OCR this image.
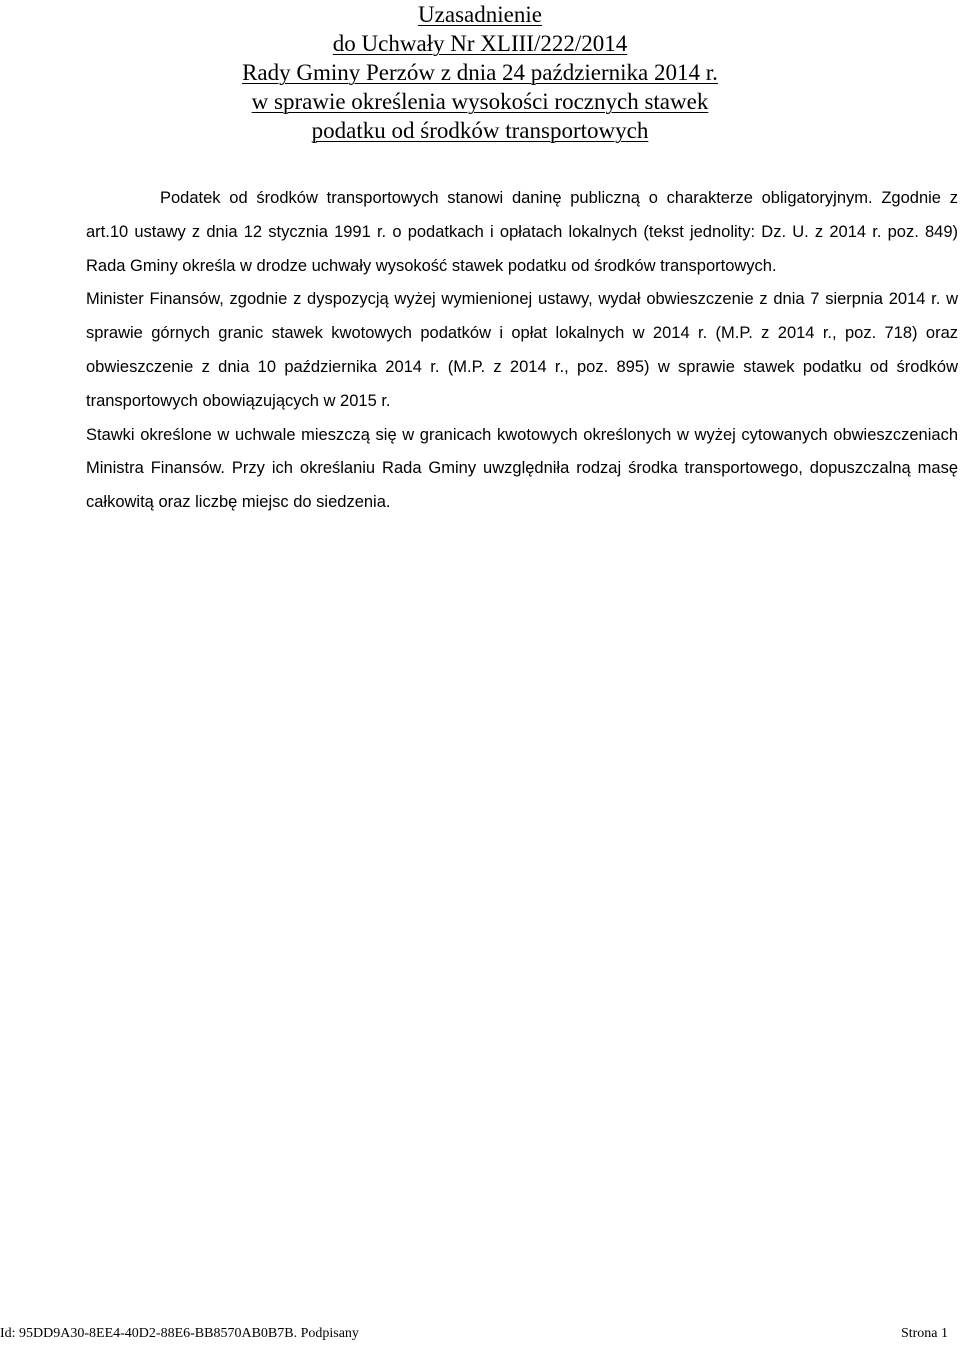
Uzasadnienie
do Uchwały Nr XLIII/222/2014
Rady Gminy Perzów z dnia 24 października 2014 r.
w sprawie określenia wysokości rocznych stawek
podatku od środków transportowych

Podatek od środków transportowych stanowi daninę publiczną o charakterze obligatoryjnym. Zgodnie z art.10 ustawy z dnia 12 stycznia 1991 r. o podatkach i opłatach lokalnych (tekst jednolity: Dz. U. z 2014 r. poz. 849) Rada Gminy określa w drodze uchwały wysokość stawek podatku od środków transportowych.

Minister Finansów, zgodnie z dyspozycją wyżej wymienionej ustawy, wydał obwieszczenie z dnia 7 sierpnia 2014 r. w sprawie górnych granic stawek kwotowych podatków i opłat lokalnych w 2014 r. (M.P. z 2014 r., poz. 718) oraz obwieszczenie z dnia 10 października 2014 r. (M.P. z 2014 r., poz. 895) w sprawie stawek podatku od środków transportowych obowiązujących w 2015 r.

Stawki określone w uchwale mieszczą się w granicach kwotowych określonych w wyżej cytowanych obwieszczeniach Ministra Finansów. Przy ich określaniu Rada Gminy uwzględniła rodzaj środka transportowego, dopuszczalną masę całkowitą oraz liczbę miejsc do siedzenia.

Id: 95DD9A30-8EE4-40D2-88E6-BB8570AB0B7B. Podpisany	Strona 1
